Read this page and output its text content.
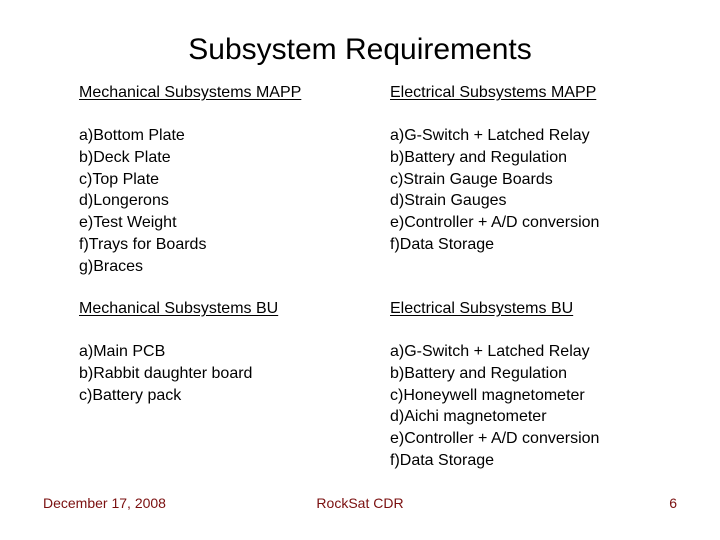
Subsystem Requirements
Mechanical Subsystems MAPP
a)Bottom Plate
b)Deck Plate
c)Top Plate
d)Longerons
e)Test Weight
f)Trays for Boards
g)Braces
Electrical Subsystems MAPP
a)G-Switch + Latched Relay
b)Battery and Regulation
c)Strain Gauge Boards
d)Strain Gauges
e)Controller + A/D conversion
f)Data Storage
Mechanical Subsystems BU
a)Main PCB
b)Rabbit daughter board
c)Battery pack
Electrical Subsystems BU
a)G-Switch + Latched Relay
b)Battery and Regulation
c)Honeywell magnetometer
d)Aichi magnetometer
e)Controller + A/D conversion
f)Data Storage
December 17, 2008	RockSat CDR	6
